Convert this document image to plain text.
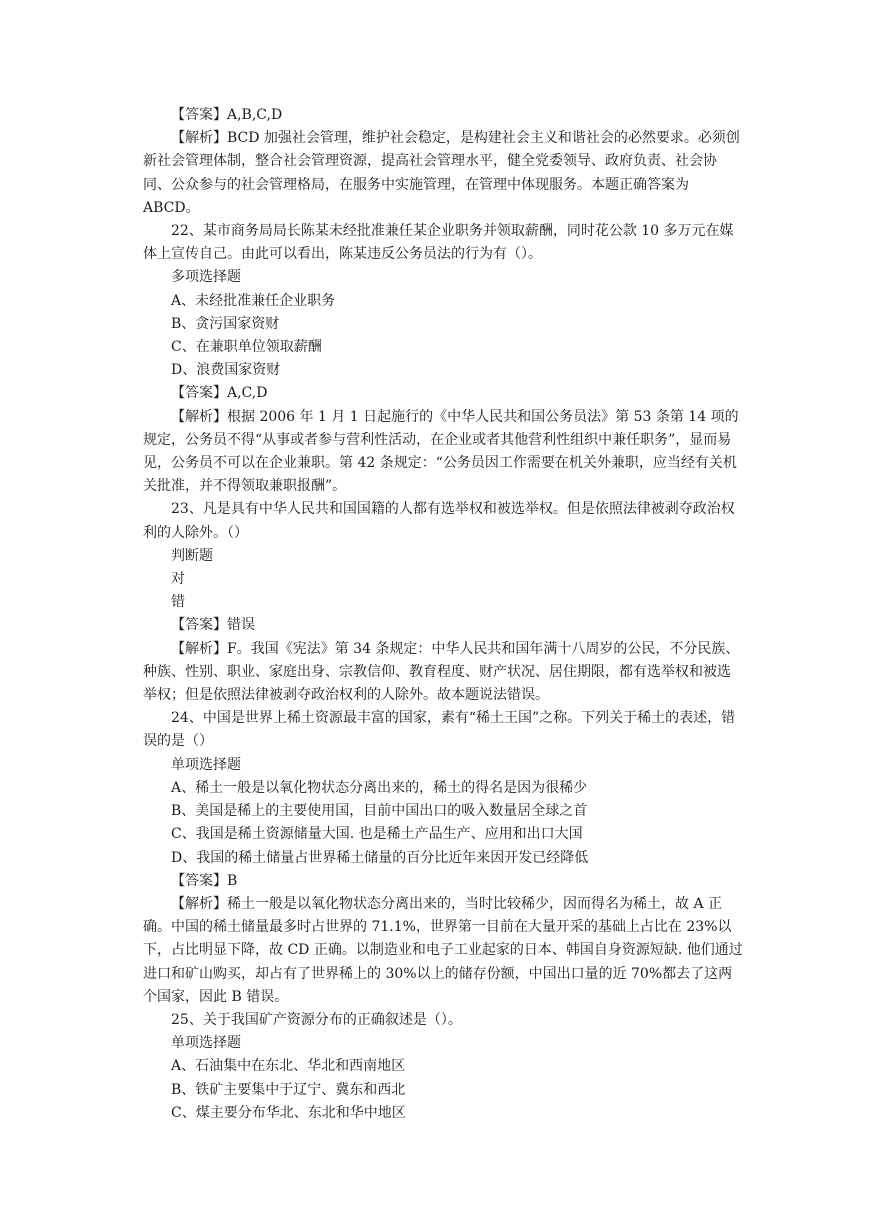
【答案】A,B,C,D

【解析】BCD 加强社会管理，维护社会稳定，是构建社会主义和谐社会的必然要求。必须创新社会管理体制，整合社会管理资源，提高社会管理水平，健全党委领导、政府负责、社会协同、公众参与的社会管理格局，在服务中实施管理，在管理中体现服务。本题正确答案为 ABCD。

22、某市商务局局长陈某未经批准兼任某企业职务并领取薪酬，同时花公款 10 多万元在媒体上宣传自己。由此可以看出，陈某违反公务员法的行为有（）。

多项选择题

A、未经批准兼任企业职务

B、贪污国家资财

C、在兼职单位领取薪酬

D、浪费国家资财

【答案】A,C,D

【解析】根据 2006 年 1 月 1 日起施行的《中华人民共和国公务员法》第 53 条第 14 项的规定，公务员不得“从事或者参与营利性活动，在企业或者其他营利性组织中兼任职务”，显而易见，公务员不可以在企业兼职。第 42 条规定：“公务员因工作需要在机关外兼职，应当经有关机关批准，并不得领取兼职报酬”。

23、凡是具有中华人民共和国国籍的人都有选举权和被选举权。但是依照法律被剥夺政治权利的人除外。（）

判断题

对

错

【答案】错误

【解析】F。我国《宪法》第 34 条规定：中华人民共和国年满十八周岁的公民，不分民族、种族、性别、职业、家庭出身、宗教信仰、教育程度、财产状况、居住期限，都有选举权和被选举权；但是依照法律被剥夺政治权利的人除外。故本题说法错误。

24、中国是世界上稀土资源最丰富的国家，素有“稀土王国”之称。下列关于稀土的表述，错误的是（）

单项选择题

A、稀土一般是以氧化物状态分离出来的，稀土的得名是因为很稀少

B、美国是稀上的主要使用国，目前中国出口的吸入数量居全球之首

C、我国是稀土资源储量大国. 也是稀土产品生产、应用和出口大国

D、我国的稀土储量占世界稀土储量的百分比近年来因开发已经降低

【答案】B

【解析】稀土一般是以氧化物状态分离出来的，当时比较稀少，因而得名为稀土，故 A 正确。中国的稀土储量最多时占世界的 71.1%，世界第一目前在大量开采的基础上占比在 23%以下，占比明显下降，故 CD 正确。以制造业和电子工业起家的日本、韩国自身资源短缺. 他们通过进口和矿山购买，却占有了世界稀上的 30%以上的储存份额，中国出口量的近 70%都去了这两个国家，因此 B 错误。

25、关于我国矿产资源分布的正确叙述是（）。

单项选择题

A、石油集中在东北、华北和西南地区

B、铁矿主要集中于辽宁、冀东和西北

C、煤主要分布华北、东北和华中地区
